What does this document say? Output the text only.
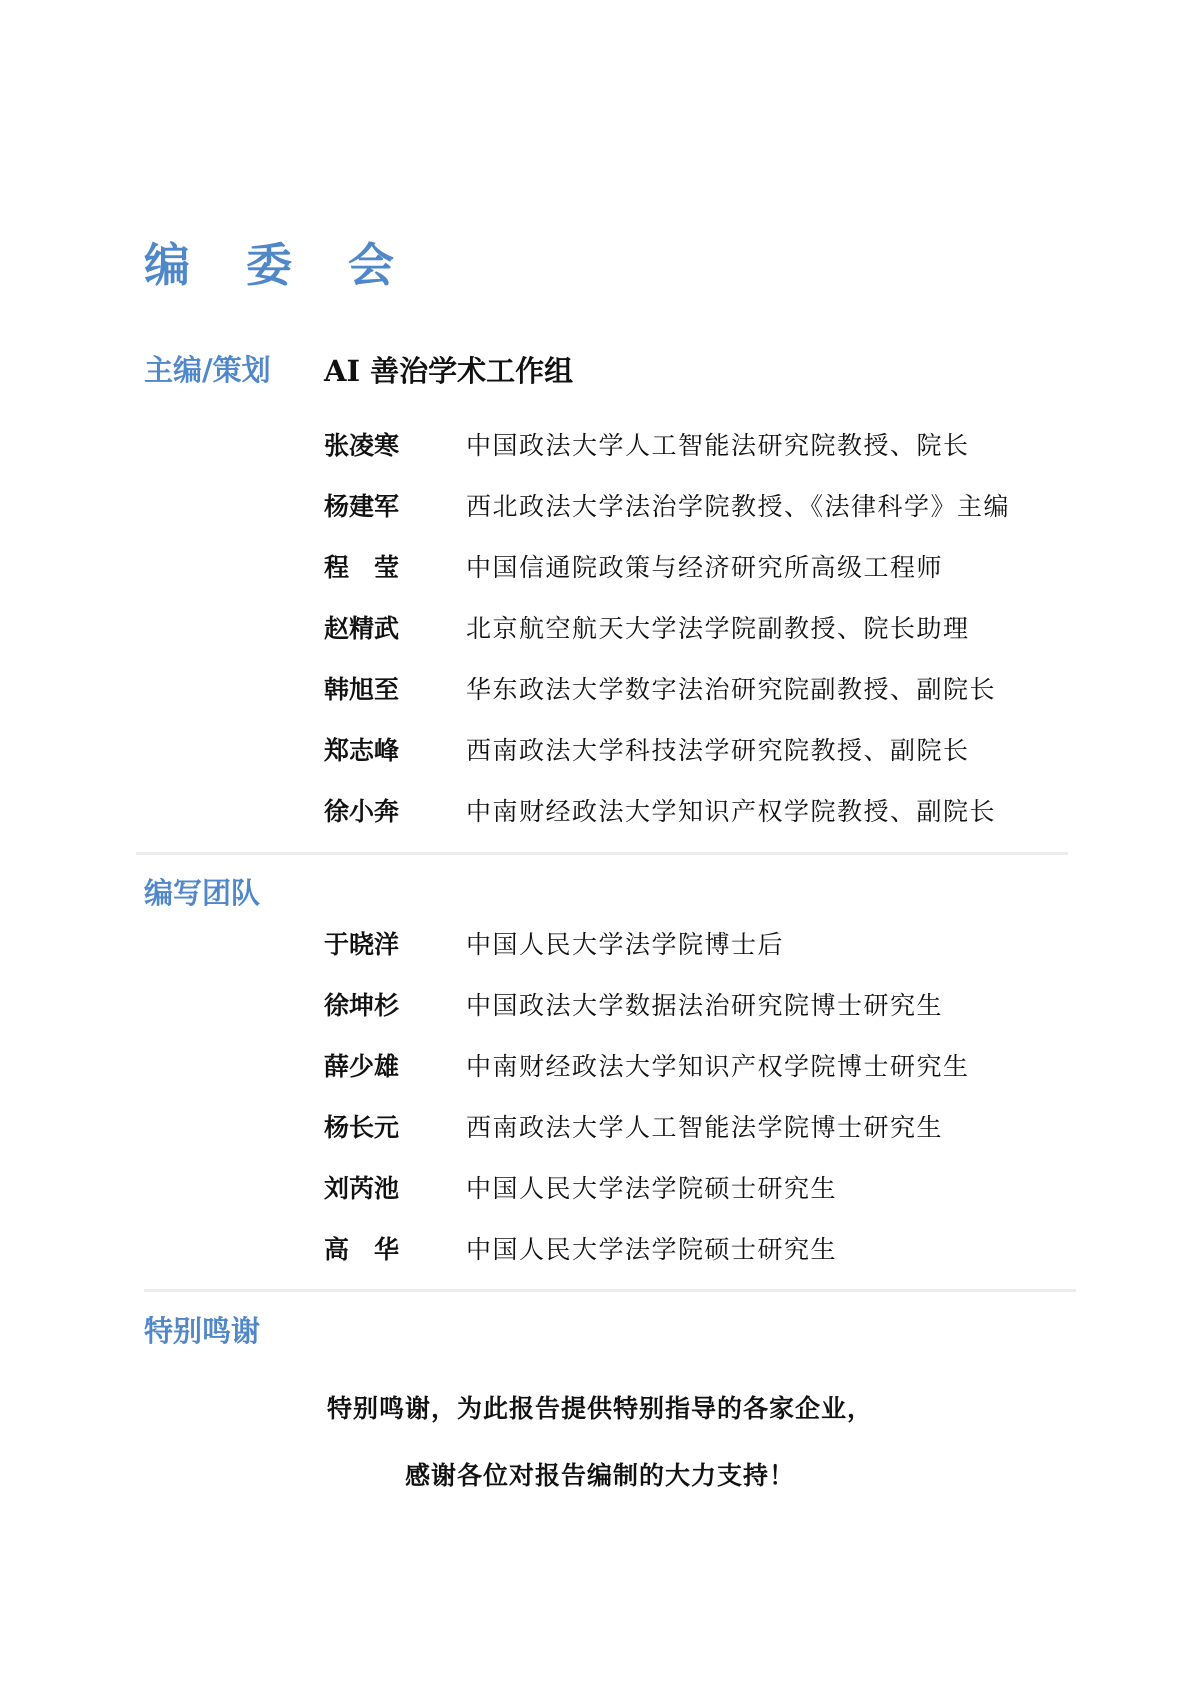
编 委 会
主编/策划 AI 善治学术工作组
张凌寒	中国政法大学人工智能法研究院教授、院长
杨建军	西北政法大学法治学院教授、《法律科学》主编
程　莹	中国信通院政策与经济研究所高级工程师
赵精武	北京航空航天大学法学院副教授、院长助理
韩旭至	华东政法大学数字法治研究院副教授、副院长
郑志峰	西南政法大学科技法学研究院教授、副院长
徐小奔	中南财经政法大学知识产权学院教授、副院长
编写团队
于晓洋	中国人民大学法学院博士后
徐坤杉	中国政法大学数据法治研究院博士研究生
薛少雄	中南财经政法大学知识产权学院博士研究生
杨长元	西南政法大学人工智能法学院博士研究生
刘芮池	中国人民大学法学院硕士研究生
高　华	中国人民大学法学院硕士研究生
特别鸣谢
特别鸣谢，为此报告提供特别指导的各家企业，
感谢各位对报告编制的大力支持！
